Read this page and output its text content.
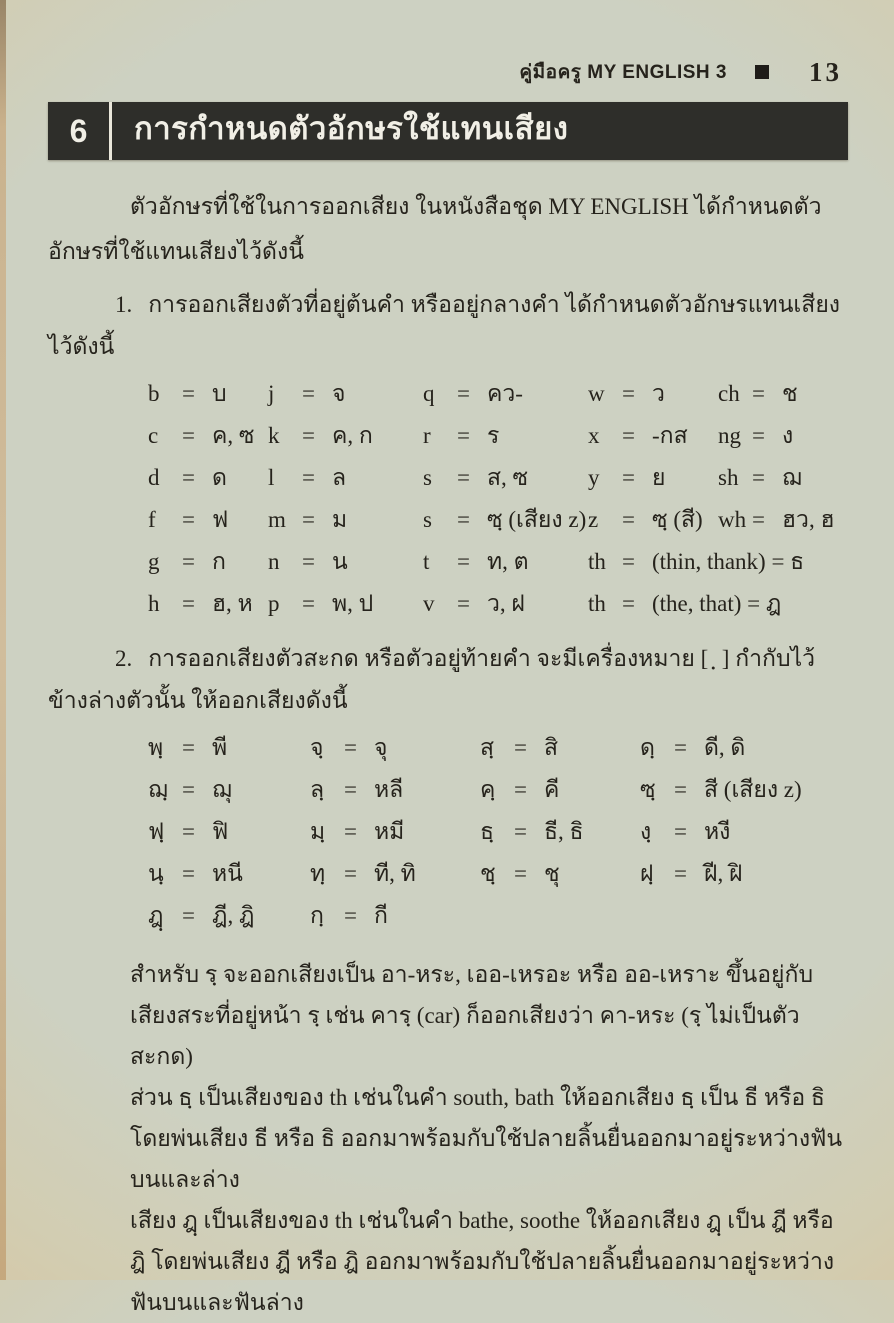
คู่มือครู MY ENGLISH 3	13
6	การกำหนดตัวอักษรใช้แทนเสียง

ตัวอักษรที่ใช้ในการออกเสียง ในหนังสือชุด MY ENGLISH ได้กำหนดตัวอักษรที่ใช้แทนเสียงไว้ดังนี้

1. การออกเสียงตัวที่อยู่ต้นคำ หรืออยู่กลางคำ ได้กำหนดตัวอักษรแทนเสียงไว้ดังนี้

b = บ j	= จ	q = คว-	w = ว ch = ช
c	= ค, ซ k = ค, ก r	= ร	x = -กส ng = ง
d = ด l	= ล	s	= ส, ซ	y = ย sh = ฌ
f	= ฟ m = ม	s	= ซฺ (เสียง z) z	= ซฺ (สี) wh = ฮว, ฮ
g = ก n = น	t	= ท, ต	th = (thin, thank) = ธ
h = ฮ, ห p = พ, ป v = ว, ฝ	th = (the, that) = ฎ

2. การออกเสียงตัวสะกด หรือตัวอยู่ท้ายคำ จะมีเครื่องหมาย [ ฺ ] กำกับไว้ข้างล่างตัวนั้น ให้ออกเสียงดังนี้

พฺ = พี	จฺ = จุ	สฺ = สิ	ดฺ = ดี, ดิ
ฌฺ = ฌุ	ลฺ = หลี	คฺ = คี	ซฺ = สี (เสียง z)
ฟฺ = ฟิ	มฺ = หมี	ธฺ = ธี, ธิ งฺ = หงี
นฺ = หนี	ทฺ = ที, ทิ	ชฺ = ชุ	ฝฺ = ฝี, ฝิ
ฎฺ = ฎี, ฎิ กฺ = กี

สำหรับ รฺ จะออกเสียงเป็น อา-หระ, เออ-เหรอะ หรือ ออ-เหราะ ขึ้นอยู่กับเสียงสระที่อยู่หน้า รฺ เช่น คารฺ (car) ก็ออกเสียงว่า คา-หระ (รฺ ไม่เป็นตัวสะกด)

ส่วน ธฺ เป็นเสียงของ th เช่นในคำ south, bath ให้ออกเสียง ธฺ เป็น ธี หรือ ธิ โดยพ่นเสียง ธี หรือ ธิ ออกมาพร้อมกับใช้ปลายลิ้นยื่นออกมาอยู่ระหว่างฟันบนและล่าง

เสียง ฎฺ เป็นเสียงของ th เช่นในคำ bathe, soothe ให้ออกเสียง ฎฺ เป็น ฎี หรือ ฎิ โดยพ่นเสียง ฎี หรือ ฎิ ออกมาพร้อมกับใช้ปลายลิ้นยื่นออกมาอยู่ระหว่างฟันบนและฟันล่าง
